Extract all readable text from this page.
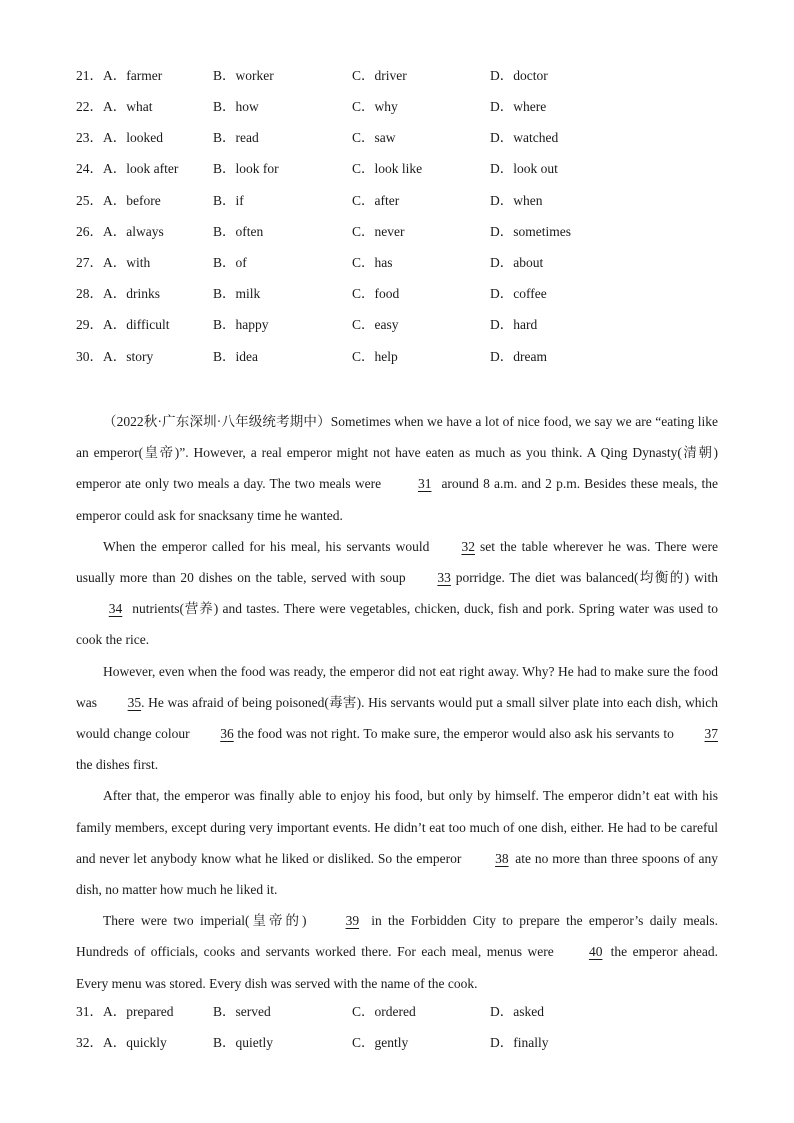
21． A．farmer	B．worker	C．driver	D．doctor
22． A．what	B．how	C．why	D．where
23． A．looked	B．read	C．saw	D．watched
24． A．look after	B．look for	C．look like	D．look out
25． A．before	B．if	C．after	D．when
26． A．always	B．often	C．never	D．sometimes
27． A．with	B．of	C．has	D．about
28． A．drinks	B．milk	C．food	D．coffee
29． A．difficult	B．happy	C．easy	D．hard
30． A．story	B．idea	C．help	D．dream

（2022秋·广东深圳·八年级统考期中）Sometimes when we have a lot of nice food, we say we are “eating like an emperor(皇帝)”. However, a real emperor might not have eaten as much as you think. A Qing Dynasty(清朝) emperor ate only two meals a day. The two meals were 31 around 8 a.m. and 2 p.m. Besides these meals, the emperor could ask for snacksany time he wanted.

When the emperor called for his meal, his servants would 32 set the table wherever he was. There were usually more than 20 dishes on the table, served with soup 33 porridge. The diet was balanced(均衡的) with 34 nutrients(营养) and tastes. There were vegetables, chicken, duck, fish and pork. Spring water was used to cook the rice.

However, even when the food was ready, the emperor did not eat right away. Why? He had to make sure the food was 35. He was afraid of being poisoned(毒害). His servants would put a small silver plate into each dish, which would change colour 36 the food was not right. To make sure, the emperor would also ask his servants to 37 the dishes first.

After that, the emperor was finally able to enjoy his food, but only by himself. The emperor didn’t eat with his family members, except during very important events. He didn’t eat too much of one dish, either. He had to be careful and never let anybody know what he liked or disliked. So the emperor 38 ate no more than three spoons of any dish, no matter how much he liked it.

There were two imperial(皇帝的) 39 in the Forbidden City to prepare the emperor’s daily meals. Hundreds of officials, cooks and servants worked there. For each meal, menus were 40 the emperor ahead. Every menu was stored. Every dish was served with the name of the cook.

31． A．prepared	B．served	C．ordered	D．asked
32． A．quickly	B．quietly	C．gently	D．finally
